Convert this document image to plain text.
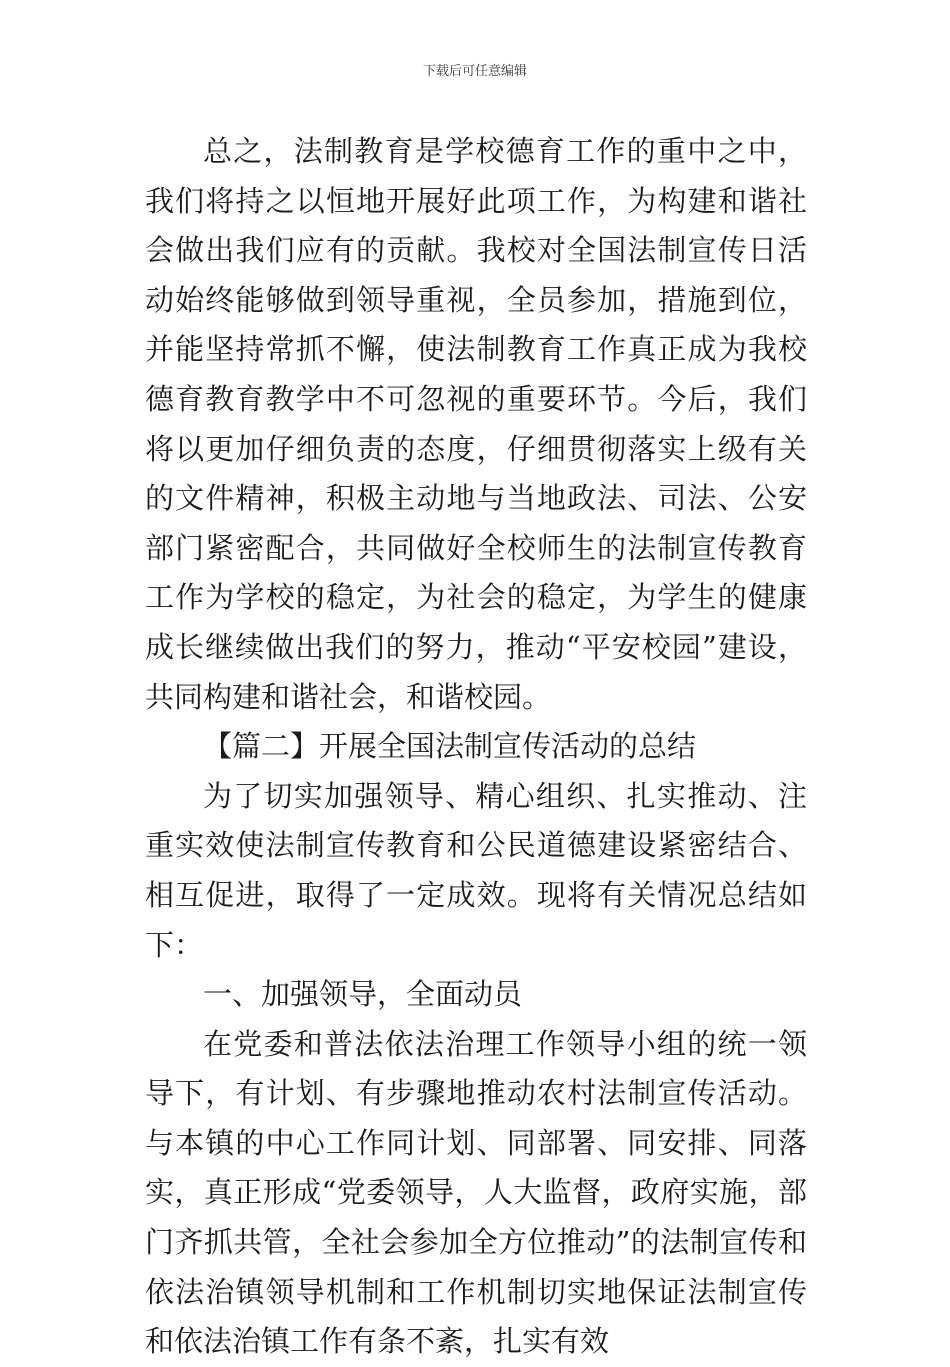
下载后可任意编辑

总之，法制教育是学校德育工作的重中之中，我们将持之以恒地开展好此项工作，为构建和谐社会做出我们应有的贡献。我校对全国法制宣传日活动始终能够做到领导重视，全员参加，措施到位，并能坚持常抓不懈，使法制教育工作真正成为我校德育教育教学中不可忽视的重要环节。今后，我们将以更加仔细负责的态度，仔细贯彻落实上级有关的文件精神，积极主动地与当地政法、司法、公安部门紧密配合，共同做好全校师生的法制宣传教育工作为学校的稳定，为社会的稳定，为学生的健康成长继续做出我们的努力，推动“平安校园”建设，共同构建和谐社会，和谐校园。

【篇二】开展全国法制宣传活动的总结

为了切实加强领导、精心组织、扎实推动、注重实效使法制宣传教育和公民道德建设紧密结合、相互促进，取得了一定成效。现将有关情况总结如下：

一、加强领导，全面动员

在党委和普法依法治理工作领导小组的统一领导下，有计划、有步骤地推动农村法制宣传活动。与本镇的中心工作同计划、同部署、同安排、同落实，真正形成“党委领导，人大监督，政府实施，部门齐抓共管，全社会参加全方位推动”的法制宣传和依法治镇领导机制和工作机制切实地保证法制宣传和依法治镇工作有条不紊，扎实有效
